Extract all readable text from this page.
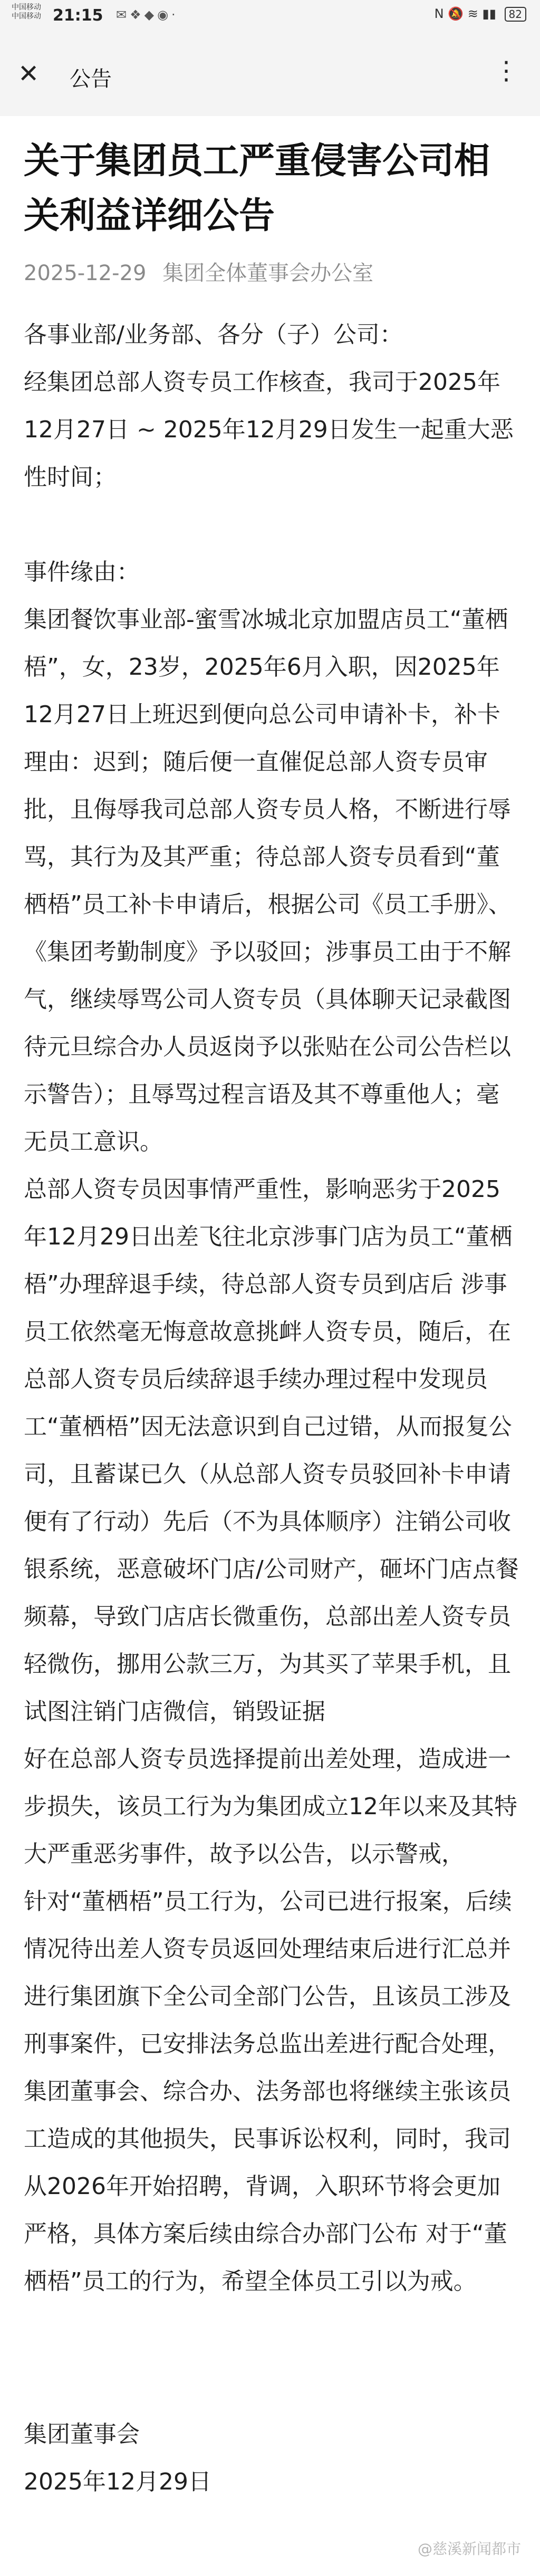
中国移动
中国移动 21:15 ✉❖◆◉·	N 🔕 ≋ ▮▮ 82
✕ 公告	⋮
关于集团员工严重侵害公司相关利益详细公告
2025-12-29 集团全体董事会办公室

各事业部/业务部、各分（子）公司：

经集团总部人资专员工作核查，我司于2025年12月27日 ~ 2025年12月29日发生一起重大恶性时间；

事件缘由：

集团餐饮事业部-蜜雪冰城北京加盟店员工“董栖梧”，女，23岁，2025年6月入职，因2025年12月27日上班迟到便向总公司申请补卡，补卡理由：迟到；随后便一直催促总部人资专员审批，且侮辱我司总部人资专员人格，不断进行辱骂，其行为及其严重；待总部人资专员看到“董栖梧”员工补卡申请后，根据公司《员工手册》、《集团考勤制度》予以驳回；涉事员工由于不解气，继续辱骂公司人资专员（具体聊天记录截图待元旦综合办人员返岗予以张贴在公司公告栏以示警告）；且辱骂过程言语及其不尊重他人；毫无员工意识。

总部人资专员因事情严重性，影响恶劣于2025年12月29日出差飞往北京涉事门店为员工“董栖梧”办理辞退手续，待总部人资专员到店后 涉事员工依然毫无悔意故意挑衅人资专员，随后，在总部人资专员后续辞退手续办理过程中发现员工“董栖梧”因无法意识到自己过错，从而报复公司，且蓄谋已久（从总部人资专员驳回补卡申请便有了行动）先后（不为具体顺序）注销公司收银系统，恶意破坏门店/公司财产，砸坏门店点餐频幕，导致门店店长微重伤，总部出差人资专员轻微伤，挪用公款三万，为其买了苹果手机，且试图注销门店微信，销毁证据

好在总部人资专员选择提前出差处理，造成进一步损失，该员工行为为集团成立12年以来及其特大严重恶劣事件，故予以公告，以示警戒，

针对“董栖梧”员工行为，公司已进行报案，后续情况待出差人资专员返回处理结束后进行汇总并进行集团旗下全公司全部门公告，且该员工涉及刑事案件，已安排法务总监出差进行配合处理，集团董事会、综合办、法务部也将继续主张该员工造成的其他损失，民事诉讼权利，同时，我司从2026年开始招聘，背调，入职环节将会更加严格，具体方案后续由综合办部门公布 对于“董栖梧”员工的行为，希望全体员工引以为戒。

集团董事会
2025年12月29日
@慈溪新闻都市
